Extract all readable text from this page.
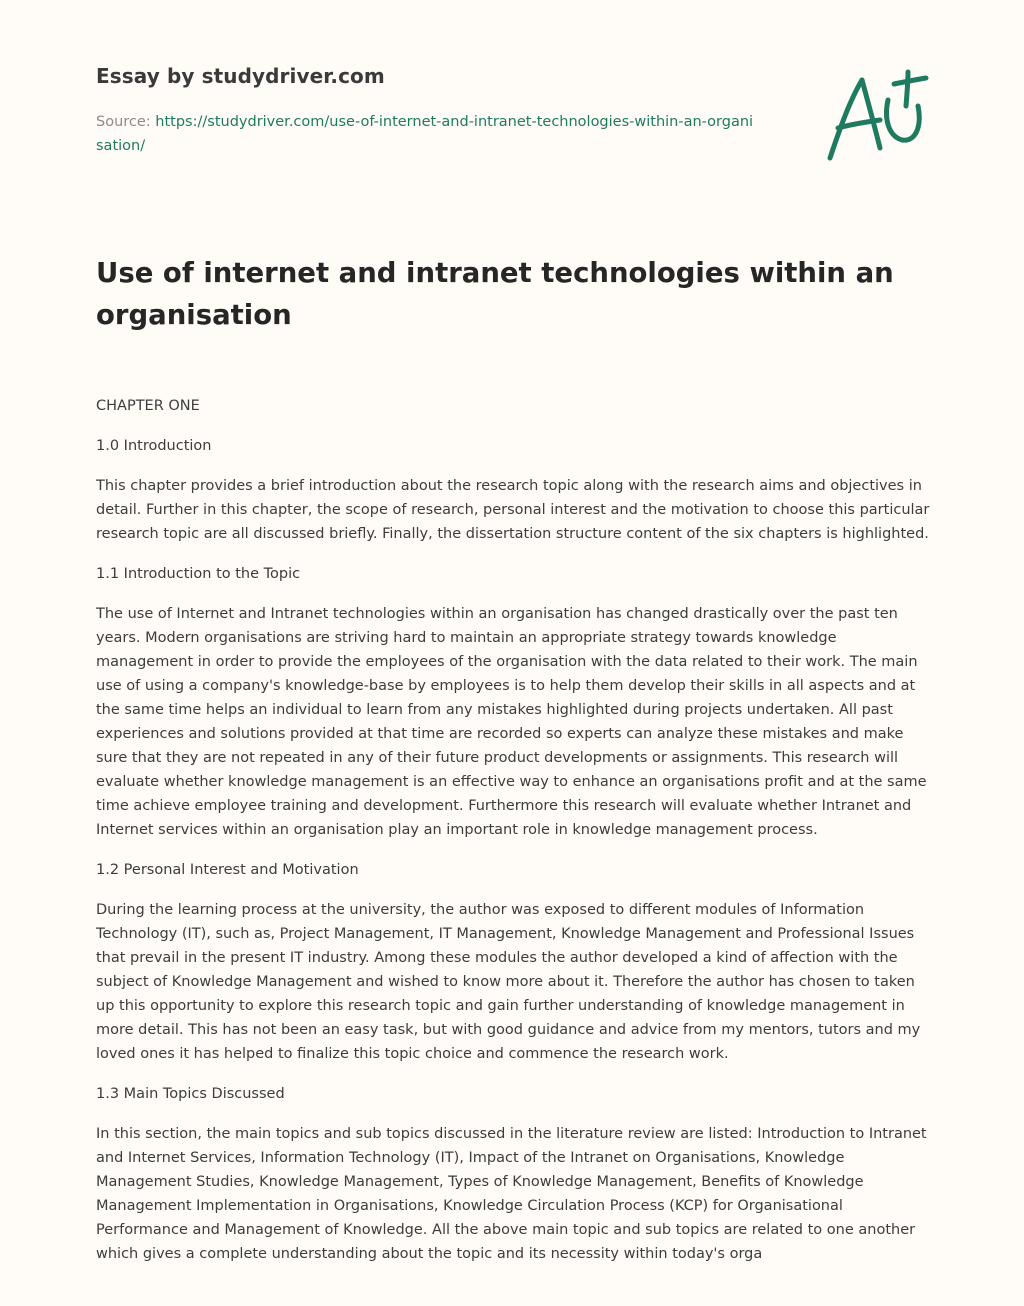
Essay by studydriver.com
Source: https://studydriver.com/use-of-internet-and-intranet-technologies-within-an-organisation/
Use of internet and intranet technologies within an organisation

CHAPTER ONE

1.0 Introduction

This chapter provides a brief introduction about the research topic along with the research aims and objectives in detail. Further in this chapter, the scope of research, personal interest and the motivation to choose this particular research topic are all discussed briefly. Finally, the dissertation structure content of the six chapters is highlighted.

1.1 Introduction to the Topic

The use of Internet and Intranet technologies within an organisation has changed drastically over the past ten years. Modern organisations are striving hard to maintain an appropriate strategy towards knowledge management in order to provide the employees of the organisation with the data related to their work. The main use of using a company's knowledge-base by employees is to help them develop their skills in all aspects and at the same time helps an individual to learn from any mistakes highlighted during projects undertaken. All past experiences and solutions provided at that time are recorded so experts can analyze these mistakes and make sure that they are not repeated in any of their future product developments or assignments. This research will evaluate whether knowledge management is an effective way to enhance an organisations profit and at the same time achieve employee training and development. Furthermore this research will evaluate whether Intranet and Internet services within an organisation play an important role in knowledge management process.

1.2 Personal Interest and Motivation

During the learning process at the university, the author was exposed to different modules of Information Technology (IT), such as, Project Management, IT Management, Knowledge Management and Professional Issues that prevail in the present IT industry. Among these modules the author developed a kind of affection with the subject of Knowledge Management and wished to know more about it. Therefore the author has chosen to taken up this opportunity to explore this research topic and gain further understanding of knowledge management in more detail. This has not been an easy task, but with good guidance and advice from my mentors, tutors and my loved ones it has helped to finalize this topic choice and commence the research work.

1.3 Main Topics Discussed

In this section, the main topics and sub topics discussed in the literature review are listed: Introduction to Intranet and Internet Services, Information Technology (IT), Impact of the Intranet on Organisations, Knowledge Management Studies, Knowledge Management, Types of Knowledge Management, Benefits of Knowledge Management Implementation in Organisations, Knowledge Circulation Process (KCP) for Organisational Performance and Management of Knowledge. All the above main topic and sub topics are related to one another which gives a complete understanding about the topic and its necessity within today's orga
